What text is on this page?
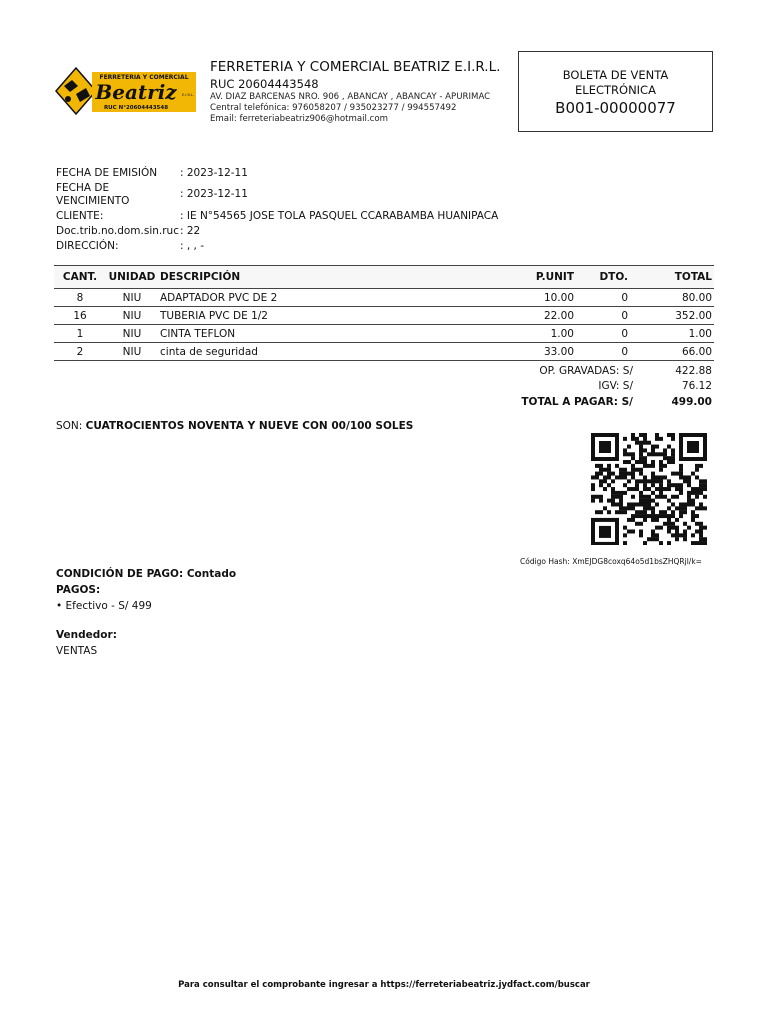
FERRETERIA Y COMERCIAL
Beatriz E.I.R.L.
RUC N°20604443548
FERRETERIA Y COMERCIAL BEATRIZ E.I.R.L.
RUC 20604443548
AV. DIAZ BARCENAS NRO. 906 , ABANCAY , ABANCAY - APURIMAC
Central telefónica: 976058207 / 935023277 / 994557492
Email: ferreteriabeatriz906@hotmail.com
BOLETA DE VENTA
ELECTRÓNICA
B001-00000077
FECHA DE EMISIÓN : 2023-12-11
FECHA DE
VENCIMIENTO
: 2023-12-11
CLIENTE:	: IE N°54565 JOSE TOLA PASQUEL CCARABAMBA HUANIPACA
Doc.trib.no.dom.sin.ruc : 22
DIRECCIÓN:	: , , -
CANT.	UNIDAD	DESCRIPCIÓN	P.UNIT	DTO.	TOTAL
8	NIU	ADAPTADOR PVC DE 2	10.00	0	80.00
16	NIU	TUBERIA PVC DE 1/2	22.00	0	352.00
1	NIU	CINTA TEFLON	1.00	0	1.00
2	NIU	cinta de seguridad	33.00	0	66.00
OP. GRAVADAS: S/	422.88
IGV: S/	76.12
TOTAL A PAGAR: S/	499.00
SON: CUATROCIENTOS NOVENTA Y NUEVE CON 00/100 SOLES
Código Hash: XmEJDG8coxq64o5d1bsZHQRjl/k=
CONDICIÓN DE PAGO: Contado
PAGOS:
• Efectivo - S/ 499
Vendedor:
VENTAS
Para consultar el comprobante ingresar a https://ferreteriabeatriz.jydfact.com/buscar
